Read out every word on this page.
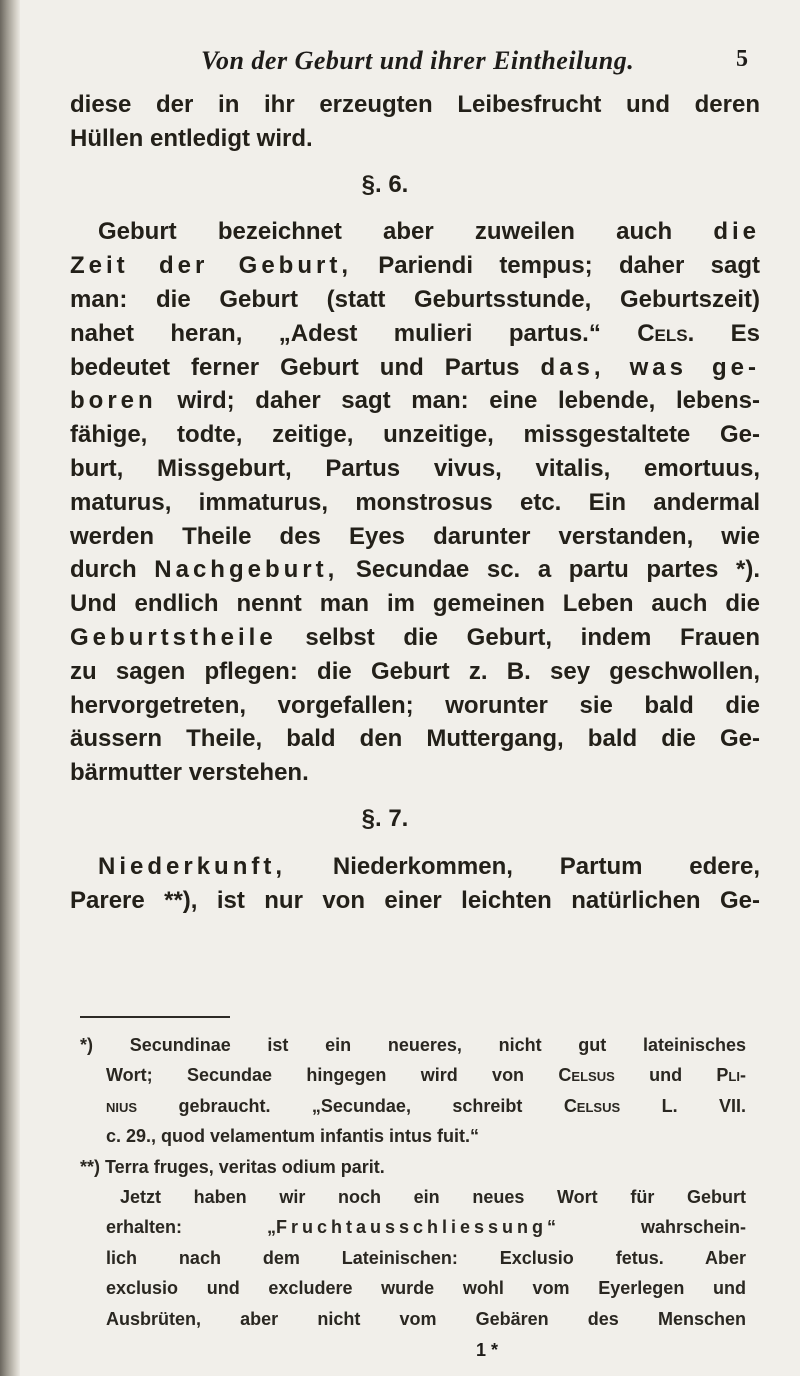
Von der Geburt und ihrer Eintheilung.	5
diese der in ihr erzeugten Leibesfrucht und deren
Hüllen entledigt wird.
§. 6.
Geburt bezeichnet aber zuweilen auch die
Zeit der Geburt, Pariendi tempus; daher sagt
man: die Geburt (statt Geburtsstunde, Geburtszeit)
nahet heran, „Adest mulieri partus.“ Cels. Es
bedeutet ferner Geburt und Partus das, was ge-
boren wird; daher sagt man: eine lebende, lebens-
fähige, todte, zeitige, unzeitige, missgestaltete Ge-
burt, Missgeburt, Partus vivus, vitalis, emortuus,
maturus, immaturus, monstrosus etc. Ein andermal
werden Theile des Eyes darunter verstanden, wie
durch Nachgeburt, Secundae sc. a partu partes *).
Und endlich nennt man im gemeinen Leben auch die
Geburtstheile selbst die Geburt, indem Frauen
zu sagen pflegen: die Geburt z. B. sey geschwollen,
hervorgetreten, vorgefallen; worunter sie bald die
äussern Theile, bald den Muttergang, bald die Ge-
bärmutter verstehen.
§. 7.
Niederkunft, Niederkommen, Partum edere,
Parere **), ist nur von einer leichten natürlichen Ge-
*) Secundinae ist ein neueres, nicht gut lateinisches
Wort; Secundae hingegen wird von Celsus und Pli-
nius gebraucht. „Secundae, schreibt Celsus L. VII.
c. 29., quod velamentum infantis intus fuit.“
**) Terra fruges, veritas odium parit.
Jetzt haben wir noch ein neues Wort für Geburt
erhalten: „Fruchtausschliessung“ wahrschein-
lich nach dem Lateinischen: Exclusio fetus. Aber
exclusio und excludere wurde wohl vom Eyerlegen und
Ausbrüten, aber nicht vom Gebären des Menschen
1 *
